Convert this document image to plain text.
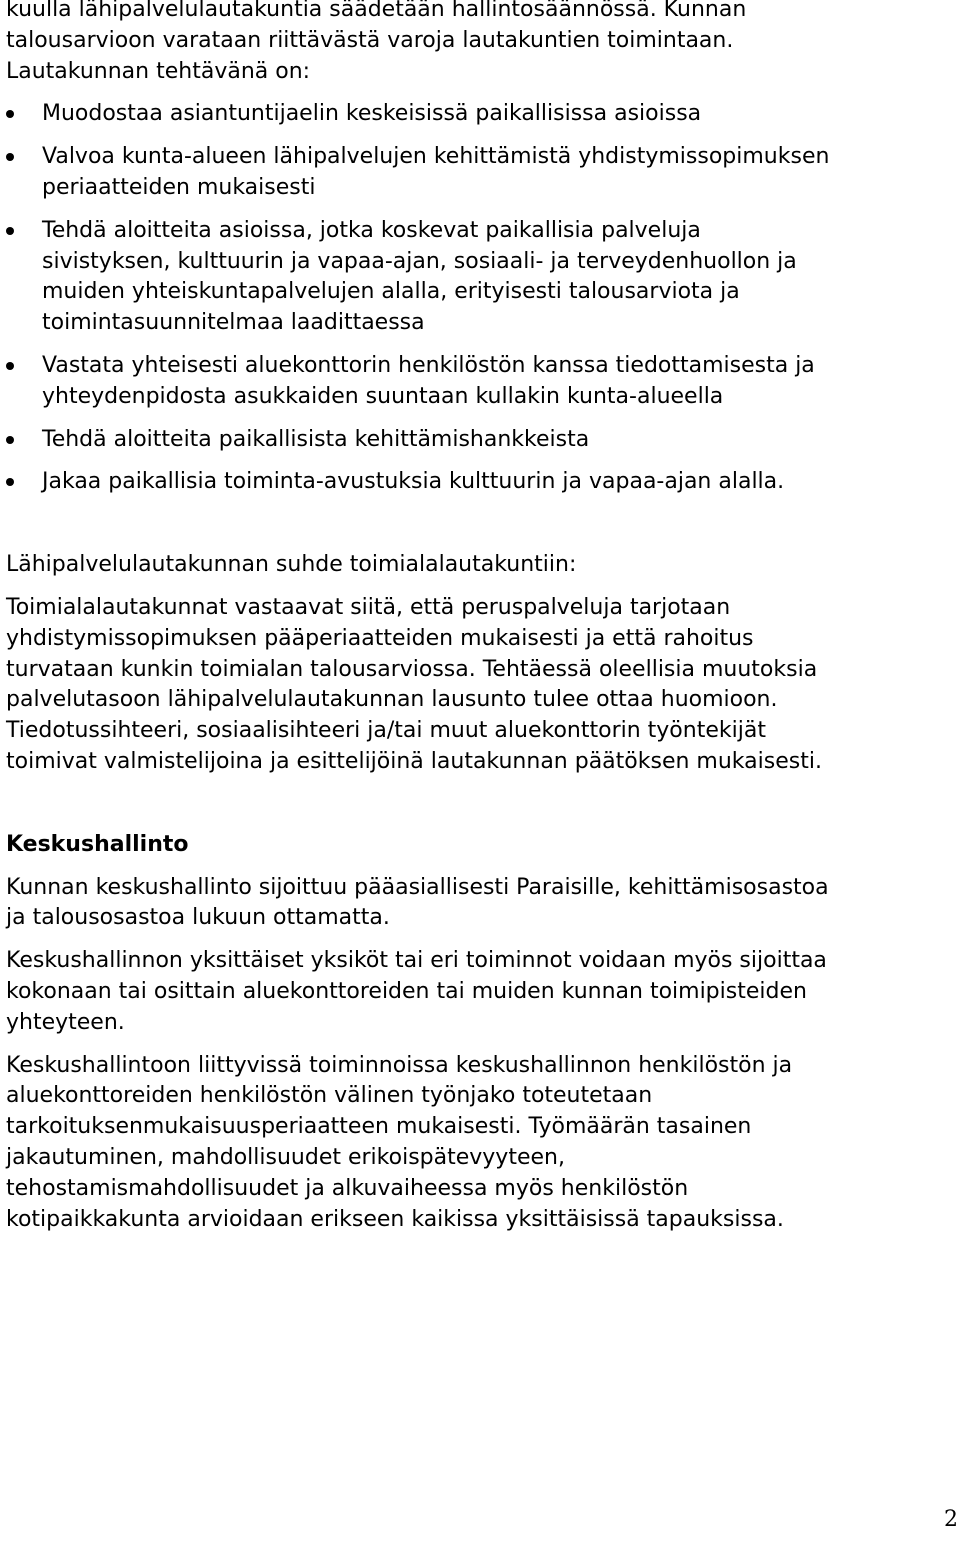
kuulla lähipalvelulautakuntia säädetään hallintosäännössä. Kunnan
talousarvioon varataan riittävästä varoja lautakuntien toimintaan.
Lautakunnan tehtävänä on:

Muodostaa asiantuntijaelin keskeisissä paikallisissa asioissa
Valvoa kunta-alueen lähipalvelujen kehittämistä yhdistymissopimuksen
periaatteiden mukaisesti
Tehdä aloitteita asioissa, jotka koskevat paikallisia palveluja
sivistyksen, kulttuurin ja vapaa-ajan, sosiaali- ja terveydenhuollon ja
muiden yhteiskuntapalvelujen alalla, erityisesti talousarviota ja
toimintasuunnitelmaa laadittaessa
Vastata yhteisesti aluekonttorin henkilöstön kanssa tiedottamisesta ja
yhteydenpidosta asukkaiden suuntaan kullakin kunta-alueella
Tehdä aloitteita paikallisista kehittämishankkeista
Jakaa paikallisia toiminta-avustuksia kulttuurin ja vapaa-ajan alalla.

Lähipalvelulautakunnan suhde toimialalautakuntiin:

Toimialalautakunnat vastaavat siitä, että peruspalveluja tarjotaan
yhdistymissopimuksen pääperiaatteiden mukaisesti ja että rahoitus
turvataan kunkin toimialan talousarviossa. Tehtäessä oleellisia muutoksia
palvelutasoon lähipalvelulautakunnan lausunto tulee ottaa huomioon.
Tiedotussihteeri, sosiaalisihteeri ja/tai muut aluekonttorin työntekijät
toimivat valmistelijoina ja esittelijöinä lautakunnan päätöksen mukaisesti.

Keskushallinto

Kunnan keskushallinto sijoittuu pääasiallisesti Paraisille, kehittämisosastoa
ja talousosastoa lukuun ottamatta.

Keskushallinnon yksittäiset yksiköt tai eri toiminnot voidaan myös sijoittaa
kokonaan tai osittain aluekonttoreiden tai muiden kunnan toimipisteiden
yhteyteen.

Keskushallintoon liittyvissä toiminnoissa keskushallinnon henkilöstön ja
aluekonttoreiden henkilöstön välinen työnjako toteutetaan
tarkoituksenmukaisuusperiaatteen mukaisesti. Työmäärän tasainen
jakautuminen, mahdollisuudet erikoispätevyyteen,
tehostamismahdollisuudet ja alkuvaiheessa myös henkilöstön
kotipaikkakunta arvioidaan erikseen kaikissa yksittäisissä tapauksissa.

2
